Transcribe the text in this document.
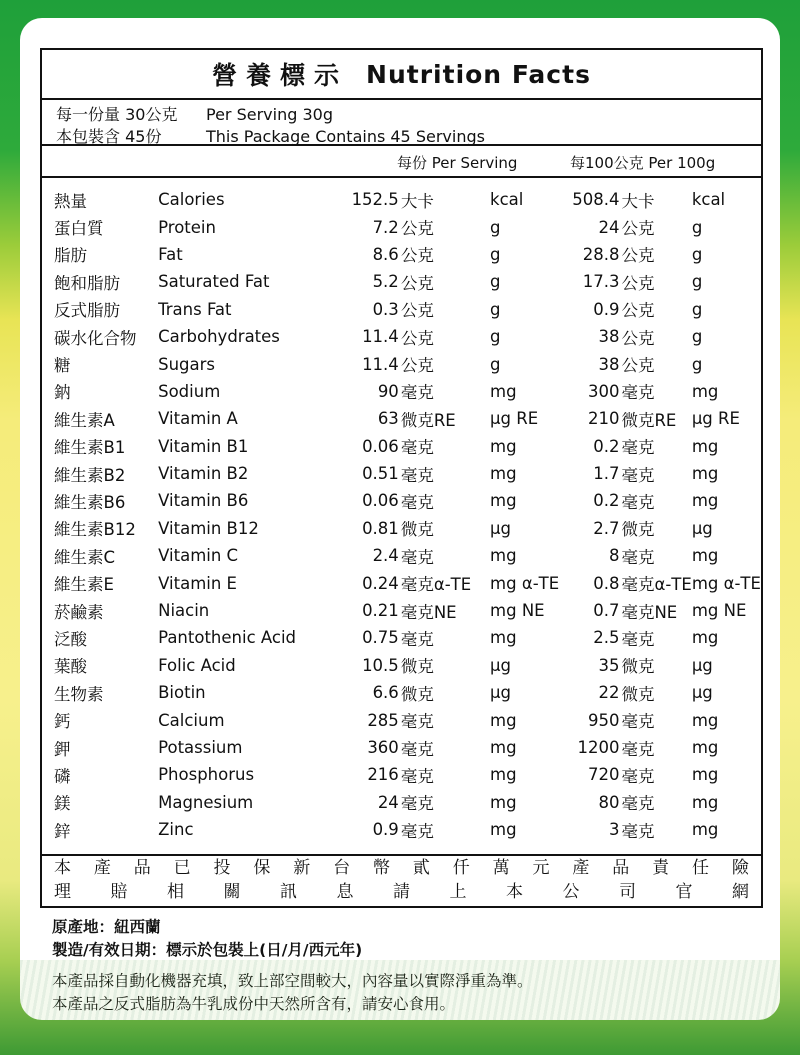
營養標示 Nutrition Facts
每一份量 30公克 Per Serving 30g
本包裝含 45份	This Package Contains 45 Servings
每份 Per Serving	每100公克 Per 100g
熱量	Calories	152.5	大卡	kcal	508.4	大卡	kcal
蛋白質	Protein	7.2	公克	g	24	公克	g
脂肪	Fat	8.6	公克	g	28.8	公克	g
飽和脂肪	Saturated Fat	5.2	公克	g	17.3	公克	g
反式脂肪	Trans Fat	0.3	公克	g	0.9	公克	g
碳水化合物	Carbohydrates	11.4	公克	g	38	公克	g
糖	Sugars	11.4	公克	g	38	公克	g
鈉	Sodium	90	毫克	mg	300	毫克	mg
維生素A	Vitamin A	63	微克RE	μg RE	210	微克RE	μg RE
維生素B1	Vitamin B1	0.06	毫克	mg	0.2	毫克	mg
維生素B2	Vitamin B2	0.51	毫克	mg	1.7	毫克	mg
維生素B6	Vitamin B6	0.06	毫克	mg	0.2	毫克	mg
維生素B12	Vitamin B12	0.81	微克	μg	2.7	微克	μg
維生素C	Vitamin C	2.4	毫克	mg	8	毫克	mg
維生素E	Vitamin E	0.24	毫克α-TE	mg α-TE	0.8	毫克α-TE	mg α-TE
菸鹼素	Niacin	0.21	毫克NE	mg NE	0.7	毫克NE	mg NE
泛酸	Pantothenic Acid	0.75	毫克	mg	2.5	毫克	mg
葉酸	Folic Acid	10.5	微克	μg	35	微克	μg
生物素	Biotin	6.6	微克	μg	22	微克	μg
鈣	Calcium	285	毫克	mg	950	毫克	mg
鉀	Potassium	360	毫克	mg	1200	毫克	mg
磷	Phosphorus	216	毫克	mg	720	毫克	mg
鎂	Magnesium	24	毫克	mg	80	毫克	mg
鋅	Zinc	0.9	毫克	mg	3	毫克	mg
本 產 品 已 投 保 新 台 幣 貳 仟 萬 元 產 品 責 任 險
理 賠 相 關 訊 息 請 上 本 公 司 官 網
原產地：紐西蘭
製造/有效日期：標示於包裝上(日/月/西元年)
本產品採自動化機器充填，致上部空間較大，內容量以實際淨重為準。
本產品之反式脂肪為牛乳成份中天然所含有，請安心食用。
